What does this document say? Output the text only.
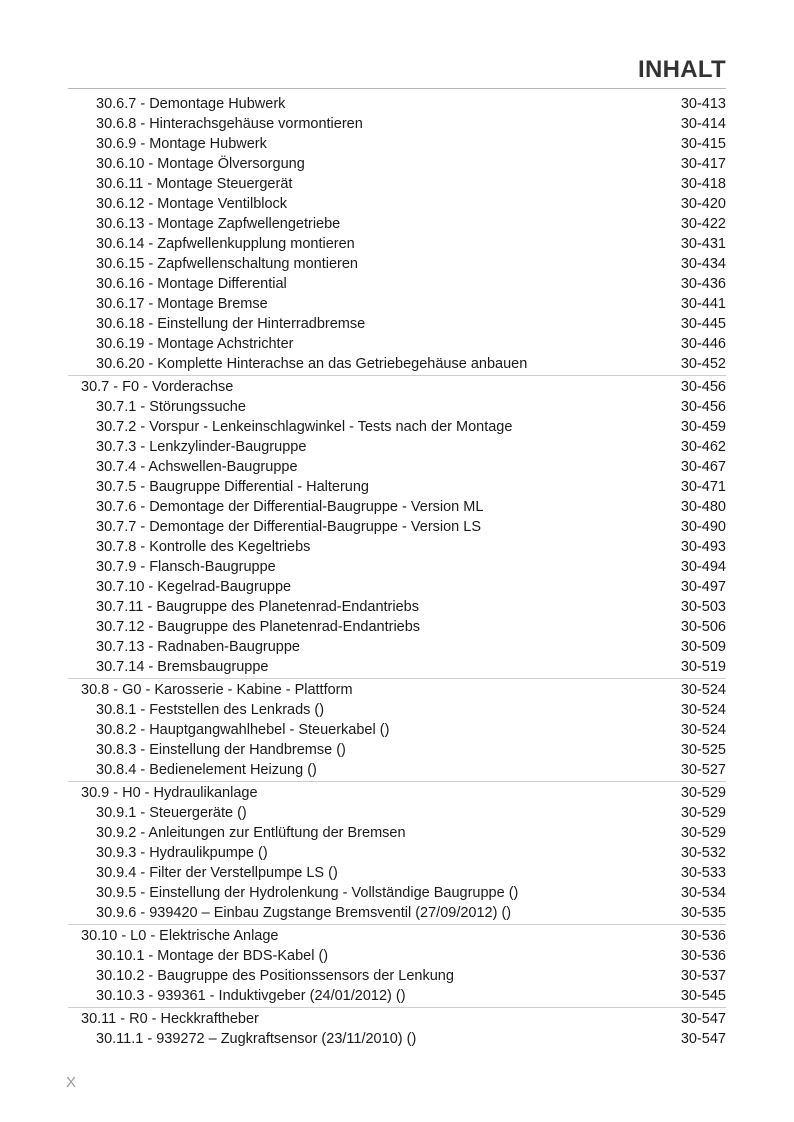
INHALT
30.6.7 - Demontage Hubwerk	30-413
30.6.8 - Hinterachsgehäuse vormontieren	30-414
30.6.9 - Montage Hubwerk	30-415
30.6.10 - Montage Ölversorgung	30-417
30.6.11 - Montage Steuergerät	30-418
30.6.12 - Montage Ventilblock	30-420
30.6.13 - Montage Zapfwellengetriebe	30-422
30.6.14 - Zapfwellenkupplung montieren	30-431
30.6.15 - Zapfwellenschaltung montieren	30-434
30.6.16 - Montage Differential	30-436
30.6.17 - Montage Bremse	30-441
30.6.18 - Einstellung der Hinterradbremse	30-445
30.6.19 - Montage Achstrichter	30-446
30.6.20 - Komplette Hinterachse an das Getriebegehäuse anbauen	30-452
30.7 - F0 - Vorderachse	30-456
30.7.1 - Störungssuche	30-456
30.7.2 - Vorspur - Lenkeinschlagwinkel - Tests nach der Montage	30-459
30.7.3 - Lenkzylinder-Baugruppe	30-462
30.7.4 - Achswellen-Baugruppe	30-467
30.7.5 - Baugruppe Differential - Halterung	30-471
30.7.6 - Demontage der Differential-Baugruppe - Version ML	30-480
30.7.7 - Demontage der Differential-Baugruppe - Version LS	30-490
30.7.8 - Kontrolle des Kegeltriebs	30-493
30.7.9 - Flansch-Baugruppe	30-494
30.7.10 - Kegelrad-Baugruppe	30-497
30.7.11 - Baugruppe des Planetenrad-Endantriebs	30-503
30.7.12 - Baugruppe des Planetenrad-Endantriebs	30-506
30.7.13 - Radnaben-Baugruppe	30-509
30.7.14 - Bremsbaugruppe	30-519
30.8 - G0 - Karosserie - Kabine - Plattform	30-524
30.8.1 - Feststellen des Lenkrads ()	30-524
30.8.2 - Hauptgangwahlhebel - Steuerkabel ()	30-524
30.8.3 - Einstellung der Handbremse ()	30-525
30.8.4 - Bedienelement Heizung ()	30-527
30.9 - H0 - Hydraulikanlage	30-529
30.9.1 - Steuergeräte ()	30-529
30.9.2 - Anleitungen zur Entlüftung der Bremsen	30-529
30.9.3 - Hydraulikpumpe ()	30-532
30.9.4 - Filter der Verstellpumpe LS ()	30-533
30.9.5 - Einstellung der Hydrolenkung - Vollständige Baugruppe ()	30-534
30.9.6 - 939420 – Einbau Zugstange Bremsventil (27/09/2012) ()	30-535
30.10 - L0 - Elektrische Anlage	30-536
30.10.1 - Montage der BDS-Kabel ()	30-536
30.10.2 - Baugruppe des Positionssensors der Lenkung	30-537
30.10.3 - 939361 - Induktivgeber (24/01/2012) ()	30-545
30.11 - R0 - Heckkraftheber	30-547
30.11.1 - 939272 – Zugkraftsensor (23/11/2010) ()	30-547
X
